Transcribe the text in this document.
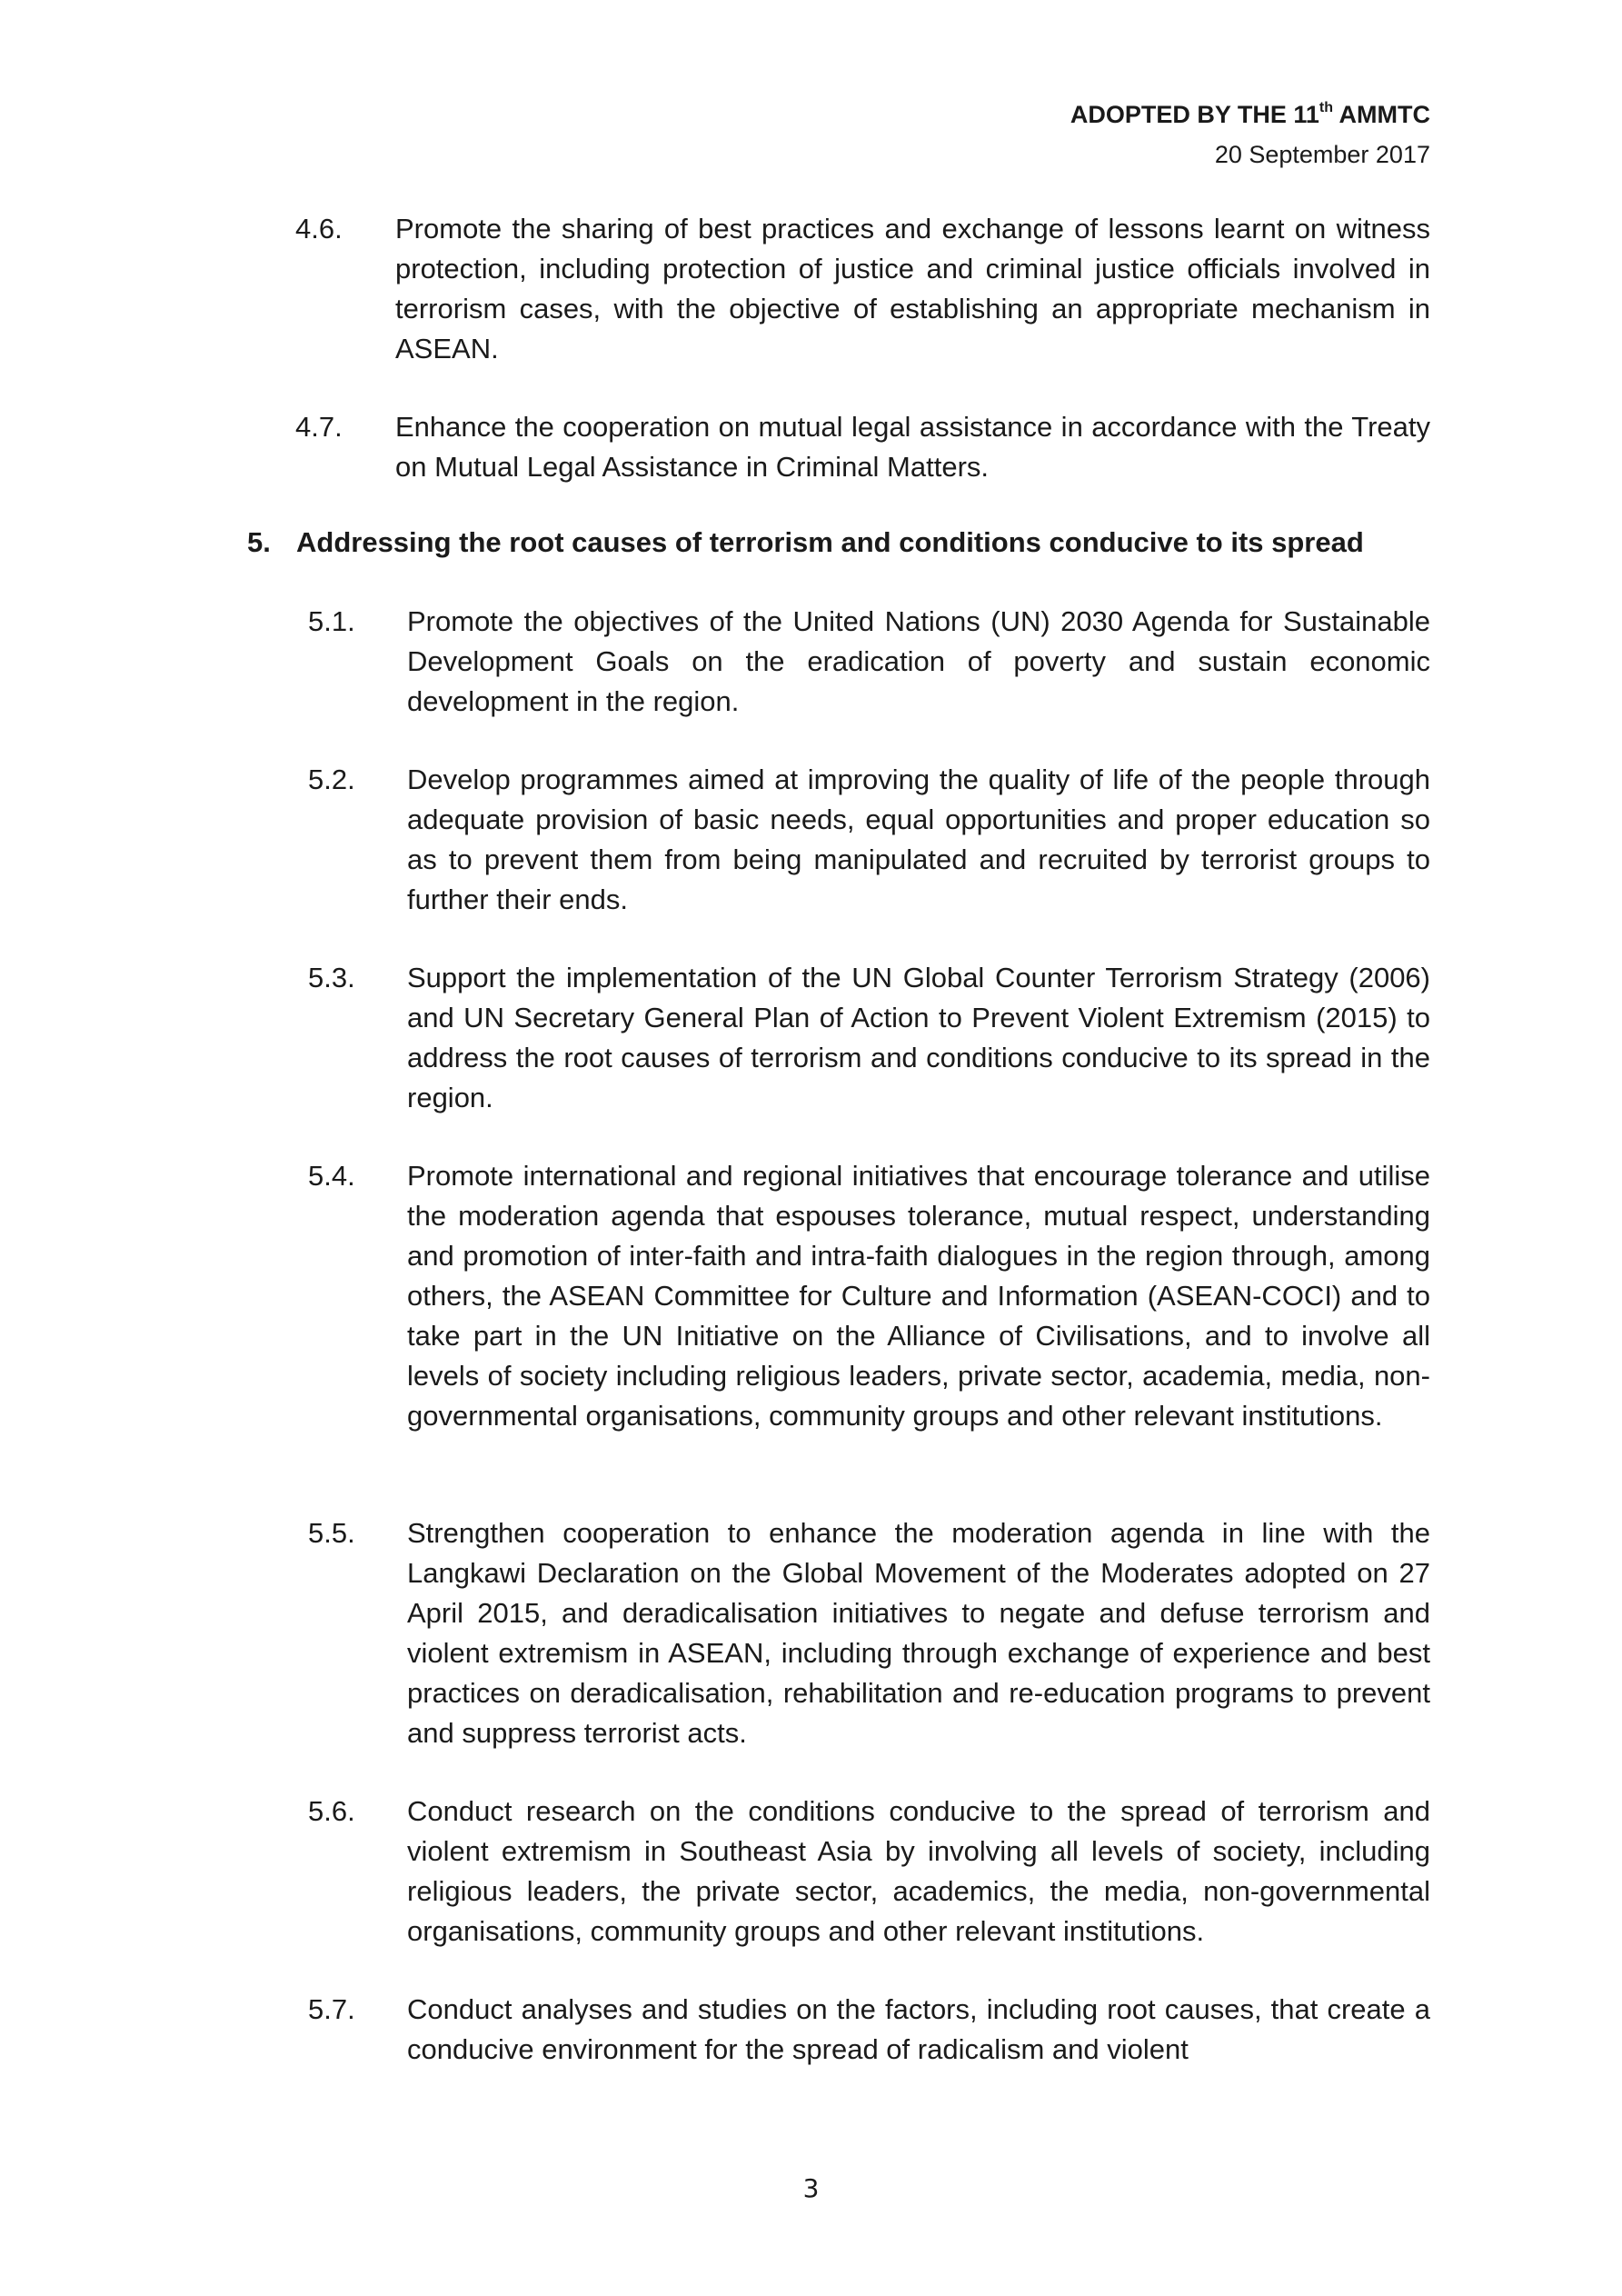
ADOPTED BY THE 11th AMMTC
20 September 2017
4.6. Promote the sharing of best practices and exchange of lessons learnt on witness protection, including protection of justice and criminal justice officials involved in terrorism cases, with the objective of establishing an appropriate mechanism in ASEAN.
4.7. Enhance the cooperation on mutual legal assistance in accordance with the Treaty on Mutual Legal Assistance in Criminal Matters.
5. Addressing the root causes of terrorism and conditions conducive to its spread
5.1. Promote the objectives of the United Nations (UN) 2030 Agenda for Sustainable Development Goals on the eradication of poverty and sustain economic development in the region.
5.2. Develop programmes aimed at improving the quality of life of the people through adequate provision of basic needs, equal opportunities and proper education so as to prevent them from being manipulated and recruited by terrorist groups to further their ends.
5.3. Support the implementation of the UN Global Counter Terrorism Strategy (2006) and UN Secretary General Plan of Action to Prevent Violent Extremism (2015) to address the root causes of terrorism and conditions conducive to its spread in the region.
5.4. Promote international and regional initiatives that encourage tolerance and utilise the moderation agenda that espouses tolerance, mutual respect, understanding and promotion of inter-faith and intra-faith dialogues in the region through, among others, the ASEAN Committee for Culture and Information (ASEAN-COCI) and to take part in the UN Initiative on the Alliance of Civilisations, and to involve all levels of society including religious leaders, private sector, academia, media, non-governmental organisations, community groups and other relevant institutions.
5.5. Strengthen cooperation to enhance the moderation agenda in line with the Langkawi Declaration on the Global Movement of the Moderates adopted on 27 April 2015, and deradicalisation initiatives to negate and defuse terrorism and violent extremism in ASEAN, including through exchange of experience and best practices on deradicalisation, rehabilitation and re-education programs to prevent and suppress terrorist acts.
5.6. Conduct research on the conditions conducive to the spread of terrorism and violent extremism in Southeast Asia by involving all levels of society, including religious leaders, the private sector, academics, the media, non-governmental organisations, community groups and other relevant institutions.
5.7. Conduct analyses and studies on the factors, including root causes, that create a conducive environment for the spread of radicalism and violent
3
